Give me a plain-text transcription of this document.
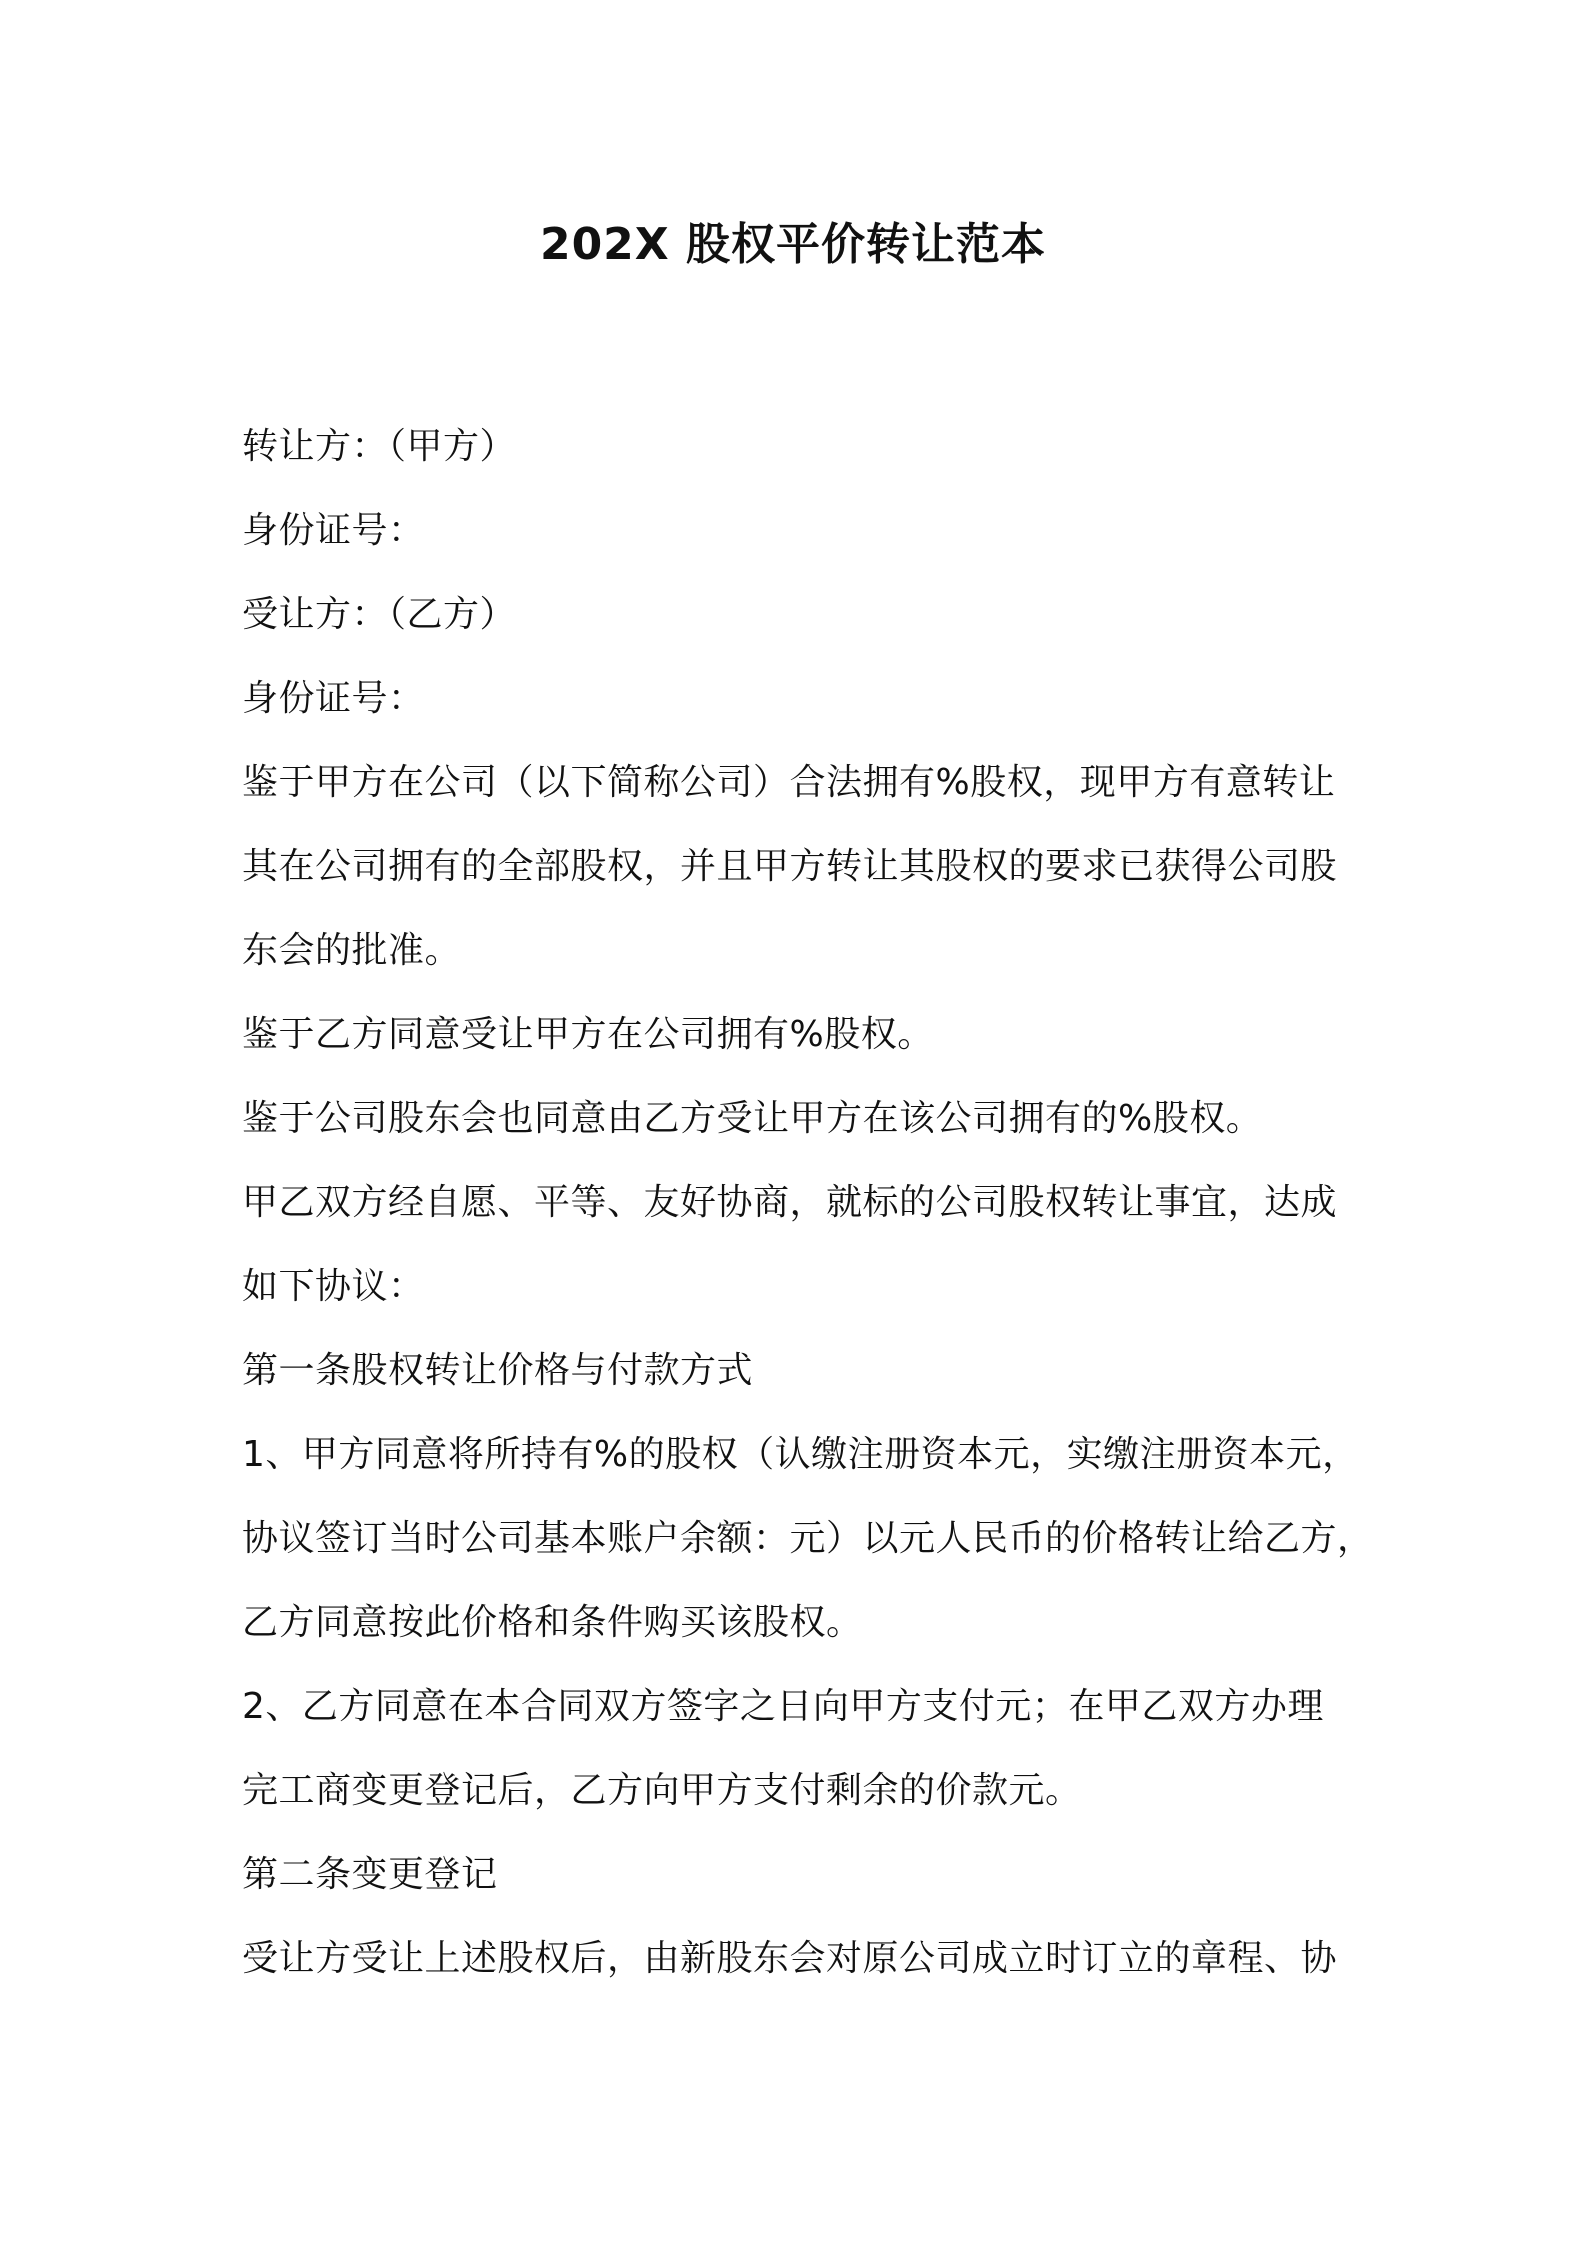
202X 股权平价转让范本
转让方：（甲方）
身份证号：
受让方：（乙方）
身份证号：
鉴于甲方在公司（以下简称公司）合法拥有%股权，现甲方有意转让
其在公司拥有的全部股权，并且甲方转让其股权的要求已获得公司股
东会的批准。
鉴于乙方同意受让甲方在公司拥有%股权。
鉴于公司股东会也同意由乙方受让甲方在该公司拥有的%股权。
甲乙双方经自愿、平等、友好协商，就标的公司股权转让事宜，达成
如下协议：
第一条股权转让价格与付款方式
1、甲方同意将所持有%的股权（认缴注册资本元，实缴注册资本元，
协议签订当时公司基本账户余额：元）以元人民币的价格转让给乙方，
乙方同意按此价格和条件购买该股权。
2、乙方同意在本合同双方签字之日向甲方支付元；在甲乙双方办理
完工商变更登记后，乙方向甲方支付剩余的价款元。
第二条变更登记
受让方受让上述股权后，由新股东会对原公司成立时订立的章程、协
